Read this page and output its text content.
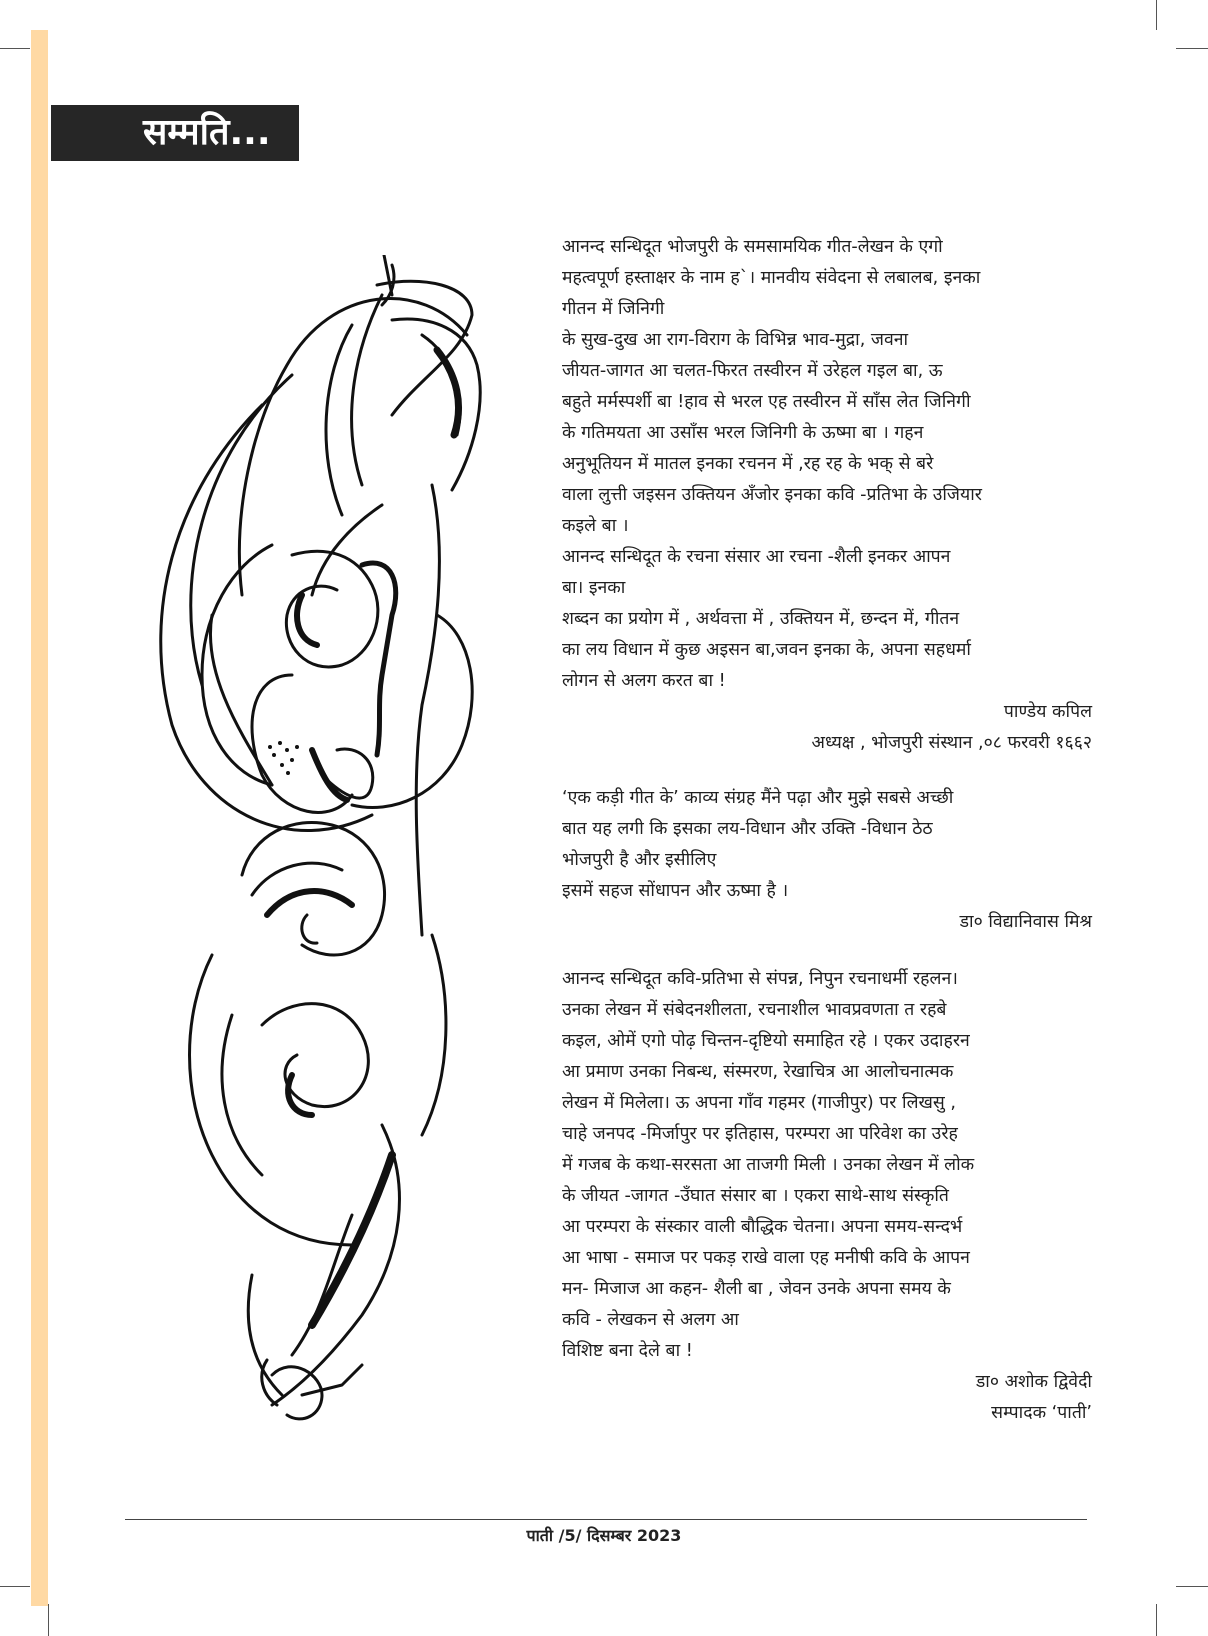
सम्मति...

आनन्द सन्धिदूत भोजपुरी के समसामयिक गीत-लेखन के एगो

महत्वपूर्ण हस्ताक्षर के नाम ह`। मानवीय संवेदना से लबालब, इनका

गीतन में जिनिगी

के सुख-दुख आ राग-विराग के विभिन्न भाव-मुद्रा, जवना

जीयत-जागत आ चलत-फिरत तस्वीरन में उरेहल गइल बा, ऊ

बहुते मर्मस्पर्शी बा !हाव से भरल एह तस्वीरन में साँस लेत जिनिगी

के गतिमयता आ उसाँस भरल जिनिगी के ऊष्मा बा । गहन

अनुभूतियन में मातल इनका रचनन में ,रह रह के भक् से बरे

वाला लुत्ती जइसन उक्तियन अँजोर इनका कवि -प्रतिभा के उजियार

कइले बा ।

आनन्द सन्धिदूत के रचना संसार आ रचना -शैली इनकर आपन

बा। इनका

शब्दन का प्रयोग में , अर्थवत्ता में , उक्तियन में, छन्दन में, गीतन

का लय विधान में कुछ अइसन बा,जवन इनका के, अपना सहधर्मा

लोगन से अलग करत बा !

पाण्डेय कपिल

अध्यक्ष , भोजपुरी संस्थान ,०८ फरवरी १६६२

‘एक कड़ी गीत के’ काव्य संग्रह मैंने पढ़ा और मुझे सबसे अच्छी

बात यह लगी कि इसका लय-विधान और उक्ति -विधान ठेठ

भोजपुरी है और इसीलिए

इसमें सहज सोंधापन और ऊष्मा है ।

डा० विद्यानिवास मिश्र

आनन्द सन्धिदूत कवि-प्रतिभा से संपन्न, निपुन रचनाधर्मी रहलन।

उनका लेखन में संबेदनशीलता, रचनाशील भावप्रवणता त रहबे

कइल, ओमें एगो पोढ़ चिन्तन-दृष्टियो समाहित रहे । एकर उदाहरन

आ प्रमाण उनका निबन्ध, संस्मरण, रेखाचित्र आ आलोचनात्मक

लेखन में मिलेला। ऊ अपना गाँव गहमर (गाजीपुर) पर लिखसु ,

चाहे जनपद -मिर्जापुर पर इतिहास, परम्परा आ परिवेश का उरेह

में गजब के कथा-सरसता आ ताजगी मिली । उनका लेखन में लोक

के जीयत -जागत -उँघात संसार बा । एकरा साथे-साथ संस्कृति

आ परम्परा के संस्कार वाली बौद्धिक चेतना। अपना समय-सन्दर्भ

आ भाषा - समाज पर पकड़ राखे वाला एह मनीषी कवि के आपन

मन- मिजाज आ कहन- शैली बा , जेवन उनके अपना समय के

कवि - लेखकन से अलग आ

विशिष्ट बना देले बा !

डा० अशोक द्विवेदी

सम्पादक ‘पाती’

पाती /5/ दिसम्बर 2023
